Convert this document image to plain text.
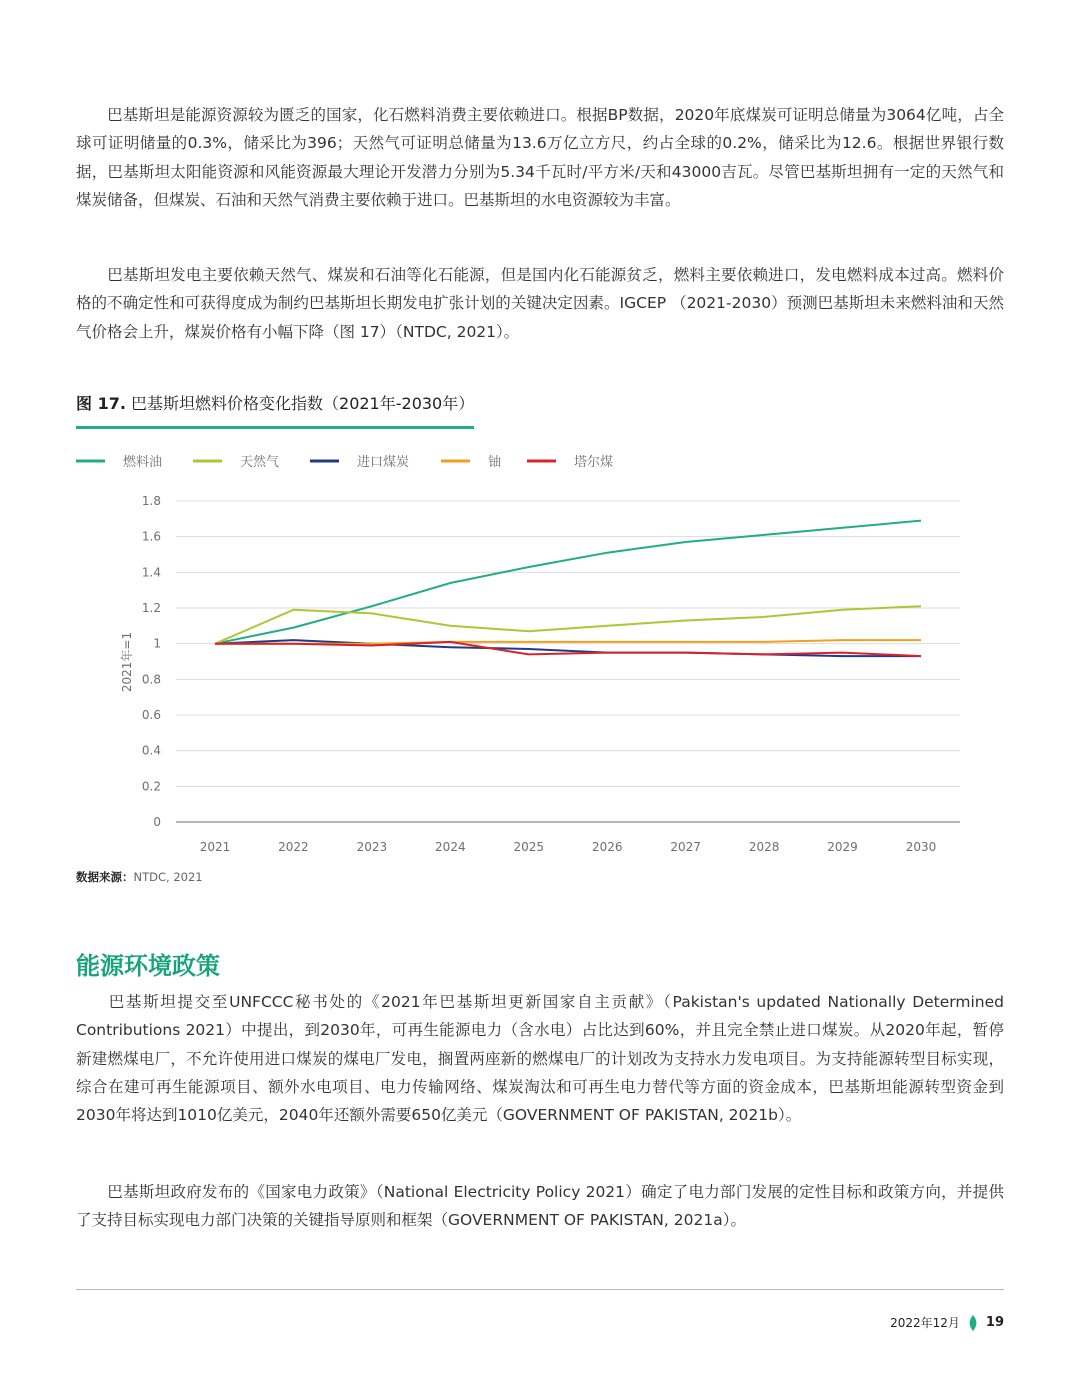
巴基斯坦是能源资源较为匮乏的国家，化石燃料消费主要依赖进口。根据BP数据，2020年底煤炭可证明总储量为3064亿吨，占全球可证明储量的0.3%，储采比为396；天然气可证明总储量为13.6万亿立方尺，约占全球的0.2%，储采比为12.6。根据世界银行数据，巴基斯坦太阳能资源和风能资源最大理论开发潜力分别为5.34千瓦时/平方米/天和43000吉瓦。尽管巴基斯坦拥有一定的天然气和煤炭储备，但煤炭、石油和天然气消费主要依赖于进口。巴基斯坦的水电资源较为丰富。

巴基斯坦发电主要依赖天然气、煤炭和石油等化石能源，但是国内化石能源贫乏，燃料主要依赖进口，发电燃料成本过高。燃料价格的不确定性和可获得度成为制约巴基斯坦长期发电扩张计划的关键决定因素。IGCEP （2021-2030）预测巴基斯坦未来燃料油和天然气价格会上升，煤炭价格有小幅下降（图 17）（NTDC, 2021）。

图 17. 巴基斯坦燃料价格变化指数（2021年-2030年）
燃料油	天然气	进口煤炭	铀	塔尔煤
0
0.2
0.4
0.6
0.8
1
1.2
1.4
1.6
1.8
2021	2022	2023	2024	2025	2026	2027	2028	2029	2030
2021年=1
数据来源：NTDC, 2021
能源环境政策

巴基斯坦提交至UNFCCC秘书处的《2021年巴基斯坦更新国家自主贡献》（Pakistan's updated Nationally Determined Contributions 2021）中提出，到2030年，可再生能源电力（含水电）占比达到60%，并且完全禁止进口煤炭。从2020年起，暂停新建燃煤电厂，不允许使用进口煤炭的煤电厂发电，搁置两座新的燃煤电厂的计划改为支持水力发电项目。为支持能源转型目标实现，综合在建可再生能源项目、额外水电项目、电力传输网络、煤炭淘汰和可再生电力替代等方面的资金成本，巴基斯坦能源转型资金到2030年将达到1010亿美元，2040年还额外需要650亿美元（GOVERNMENT OF PAKISTAN, 2021b）。

巴基斯坦政府发布的《国家电力政策》（National Electricity Policy 2021）确定了电力部门发展的定性目标和政策方向，并提供了支持目标实现电力部门决策的关键指导原则和框架（GOVERNMENT OF PAKISTAN, 2021a）。

2022年12月 19
